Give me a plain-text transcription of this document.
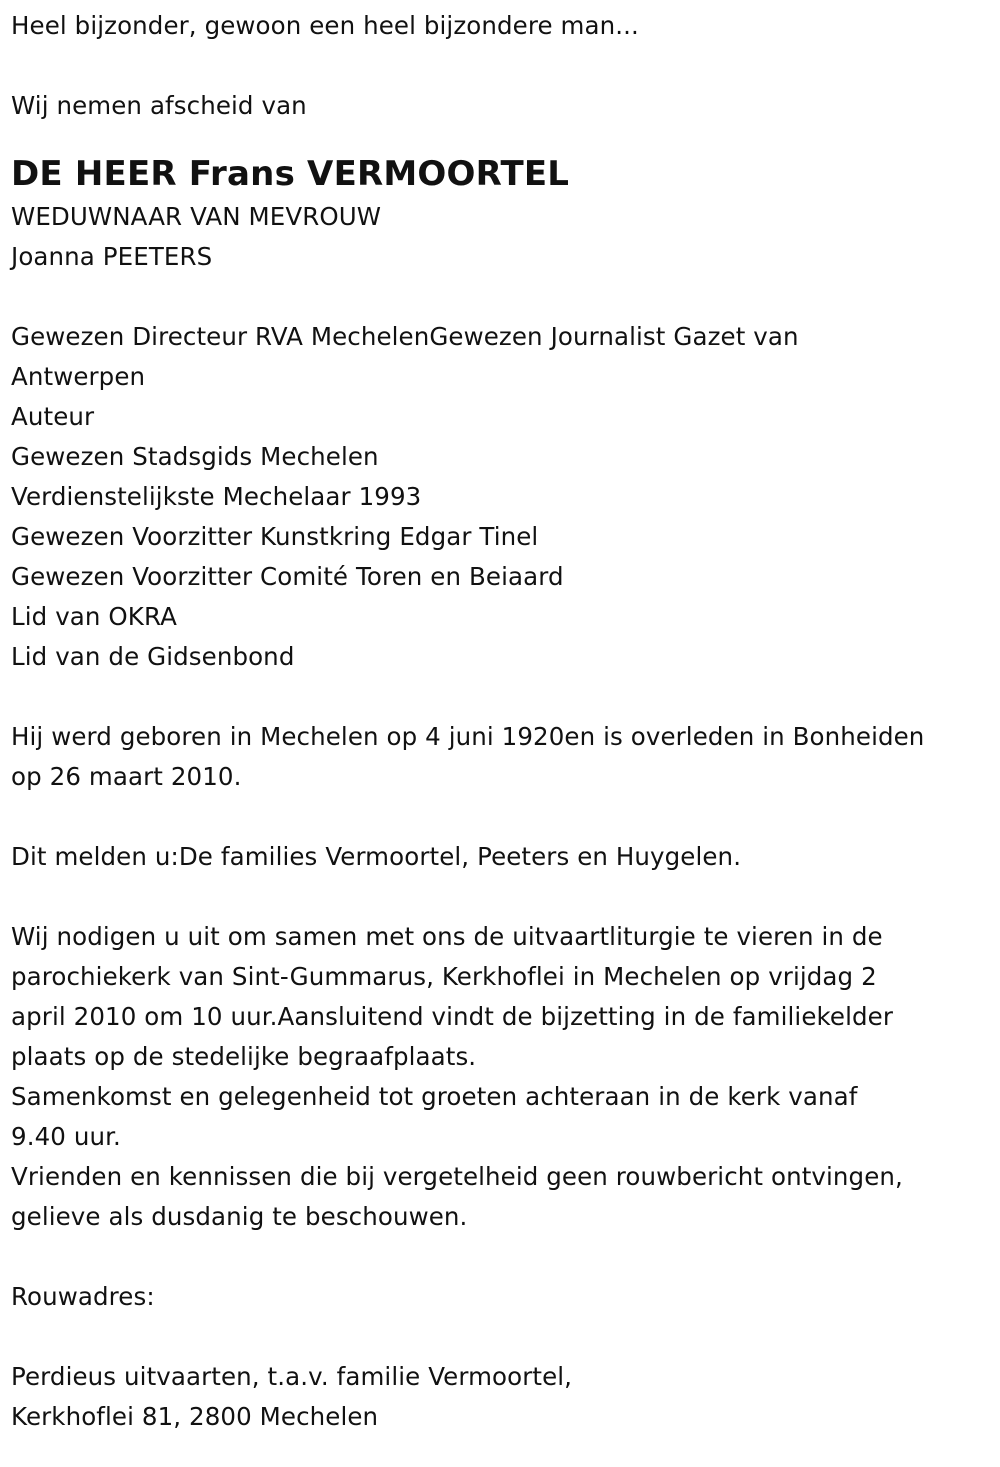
Heel bijzonder, gewoon een heel bijzondere man...
Wij nemen afscheid van
DE HEER Frans VERMOORTEL
WEDUWNAAR VAN MEVROUW
Joanna PEETERS
Gewezen Directeur RVA MechelenGewezen Journalist Gazet van
Antwerpen
Auteur
Gewezen Stadsgids Mechelen
Verdienstelijkste Mechelaar 1993
Gewezen Voorzitter Kunstkring Edgar Tinel
Gewezen Voorzitter Comité Toren en Beiaard
Lid van OKRA
Lid van de Gidsenbond
Hij werd geboren in Mechelen op 4 juni 1920en is overleden in Bonheiden
op 26 maart 2010.
Dit melden u:De families Vermoortel, Peeters en Huygelen.
Wij nodigen u uit om samen met ons de uitvaartliturgie te vieren in de
parochiekerk van Sint-Gummarus, Kerkhoflei in Mechelen op vrijdag 2
april 2010 om 10 uur.Aansluitend vindt de bijzetting in de familiekelder
plaats op de stedelijke begraafplaats.
Samenkomst en gelegenheid tot groeten achteraan in de kerk vanaf
9.40 uur.
Vrienden en kennissen die bij vergetelheid geen rouwbericht ontvingen,
gelieve als dusdanig te beschouwen.
Rouwadres:
Perdieus uitvaarten, t.a.v. familie Vermoortel,
Kerkhoflei 81, 2800 Mechelen
